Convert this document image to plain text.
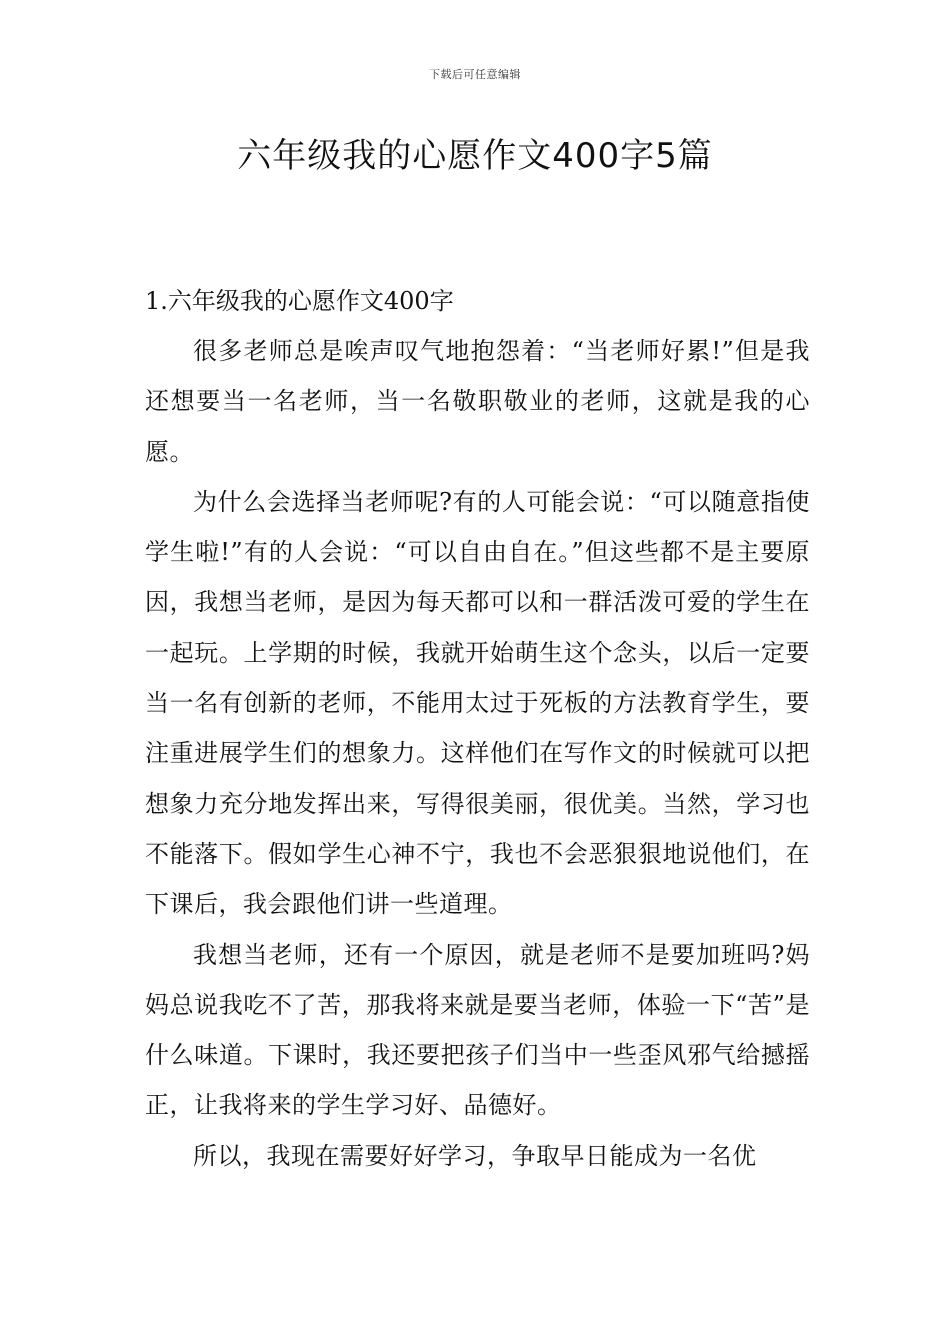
下载后可任意编辑
六年级我的心愿作文400字5篇

1.六年级我的心愿作文400字

很多老师总是唉声叹气地抱怨着：“当老师好累!”但是我还想要当一名老师，当一名敬职敬业的老师，这就是我的心愿。

为什么会选择当老师呢?有的人可能会说：“可以随意指使学生啦!”有的人会说：“可以自由自在。”但这些都不是主要原因，我想当老师，是因为每天都可以和一群活泼可爱的学生在一起玩。上学期的时候，我就开始萌生这个念头，以后一定要当一名有创新的老师，不能用太过于死板的方法教育学生，要注重进展学生们的想象力。这样他们在写作文的时候就可以把想象力充分地发挥出来，写得很美丽，很优美。当然，学习也不能落下。假如学生心神不宁，我也不会恶狠狠地说他们，在下课后，我会跟他们讲一些道理。

我想当老师，还有一个原因，就是老师不是要加班吗?妈妈总说我吃不了苦，那我将来就是要当老师，体验一下“苦”是什么味道。下课时，我还要把孩子们当中一些歪风邪气给撼摇正，让我将来的学生学习好、品德好。

所以，我现在需要好好学习，争取早日能成为一名优
